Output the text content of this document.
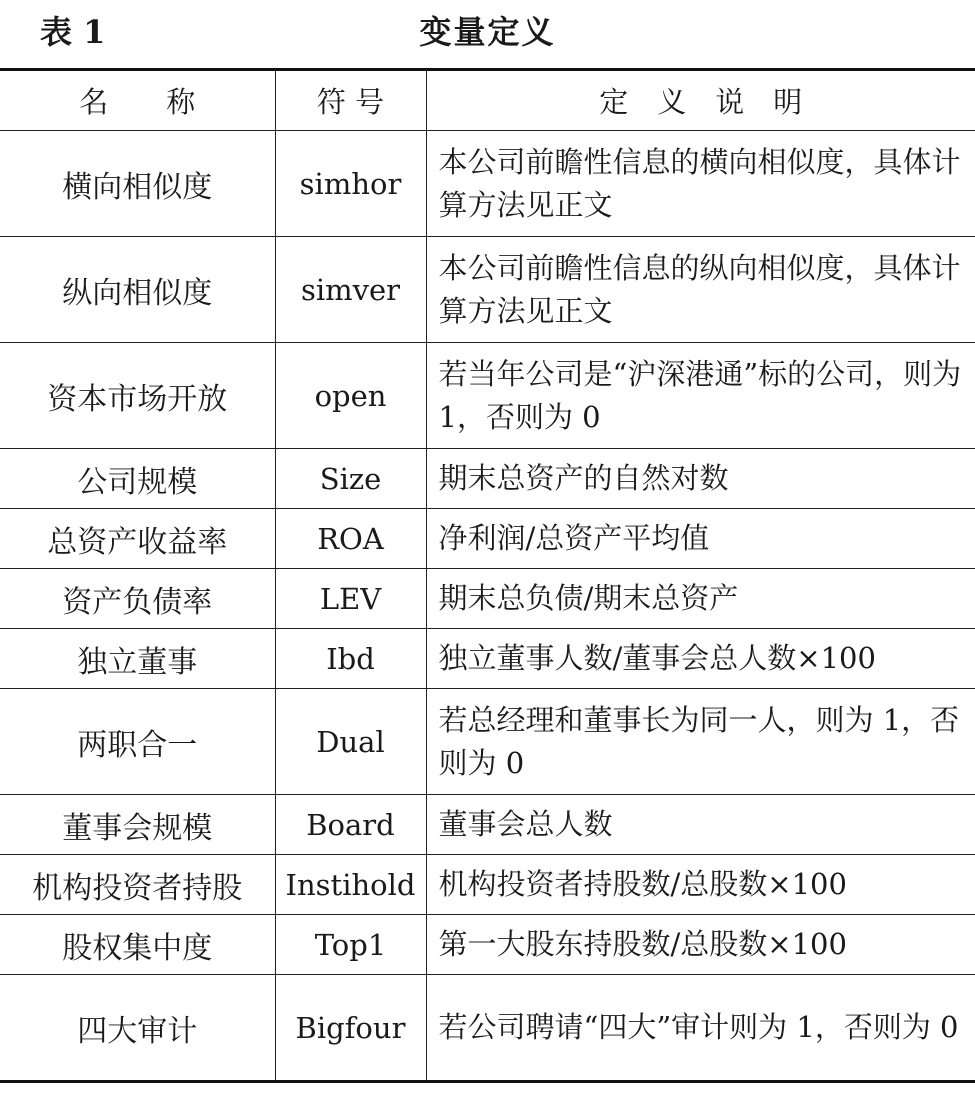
表 1	变量定义
名　　称	符 号	定　义　说　明
横向相似度	simhor	本公司前瞻性信息的横向相似度，具体计算方法见正文

纵向相似度	simver	本公司前瞻性信息的纵向相似度，具体计算方法见正文

资本市场开放	open	若当年公司是“沪深港通”标的公司，则为 1，否则为 0

公司规模	Size	期末总资产的自然对数

总资产收益率	ROA	净利润/总资产平均值

资产负债率	LEV	期末总负债/期末总资产

独立董事	Ibd	独立董事人数/董事会总人数×100

两职合一	Dual	若总经理和董事长为同一人，则为 1，否则为 0

董事会规模	Board	董事会总人数

机构投资者持股	Instihold	机构投资者持股数/总股数×100

股权集中度	Top1	第一大股东持股数/总股数×100

四大审计	Bigfour	若公司聘请“四大”审计则为 1，否则为 0
